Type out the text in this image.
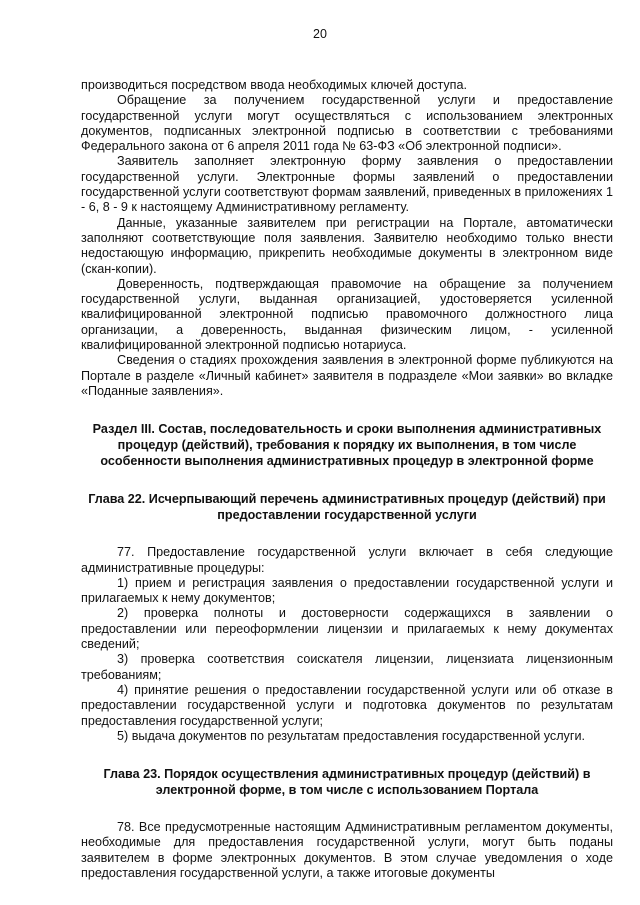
20

производиться посредством ввода необходимых ключей доступа.

Обращение за получением государственной услуги и предоставление государственной услуги могут осуществляться с использованием электронных документов, подписанных электронной подписью в соответствии с требованиями Федерального закона от 6 апреля 2011 года № 63-ФЗ «Об электронной подписи».

Заявитель заполняет электронную форму заявления о предоставлении государственной услуги. Электронные формы заявлений о предоставлении государственной услуги соответствуют формам заявлений, приведенных в приложениях 1 - 6, 8 - 9 к настоящему Административному регламенту.

Данные, указанные заявителем при регистрации на Портале, автоматически заполняют соответствующие поля заявления. Заявителю необходимо только внести недостающую информацию, прикрепить необходимые документы в электронном виде (скан-копии).

Доверенность, подтверждающая правомочие на обращение за получением государственной услуги, выданная организацией, удостоверяется усиленной квалифицированной электронной подписью правомочного должностного лица организации, а доверенность, выданная физическим лицом, - усиленной квалифицированной электронной подписью нотариуса.

Сведения о стадиях прохождения заявления в электронной форме публикуются на Портале в разделе «Личный кабинет» заявителя в подразделе «Мои заявки» во вкладке «Поданные заявления».

Раздел III. Состав, последовательность и сроки выполнения административных процедур (действий), требования к порядку их выполнения, в том числе особенности выполнения административных процедур в электронной форме

Глава 22. Исчерпывающий перечень административных процедур (действий) при предоставлении государственной услуги

77. Предоставление государственной услуги включает в себя следующие административные процедуры:

1) прием и регистрация заявления о предоставлении государственной услуги и прилагаемых к нему документов;

2) проверка полноты и достоверности содержащихся в заявлении о предоставлении или переоформлении лицензии и прилагаемых к нему документах сведений;

3) проверка соответствия соискателя лицензии, лицензиата лицензионным требованиям;

4) принятие решения о предоставлении государственной услуги или об отказе в предоставлении государственной услуги и подготовка документов по результатам предоставления государственной услуги;

5) выдача документов по результатам предоставления государственной услуги.

Глава 23. Порядок осуществления административных процедур (действий) в электронной форме, в том числе с использованием Портала

78. Все предусмотренные настоящим Административным регламентом документы, необходимые для предоставления государственной услуги, могут быть поданы заявителем в форме электронных документов. В этом случае уведомления о ходе предоставления государственной услуги, а также итоговые документы
